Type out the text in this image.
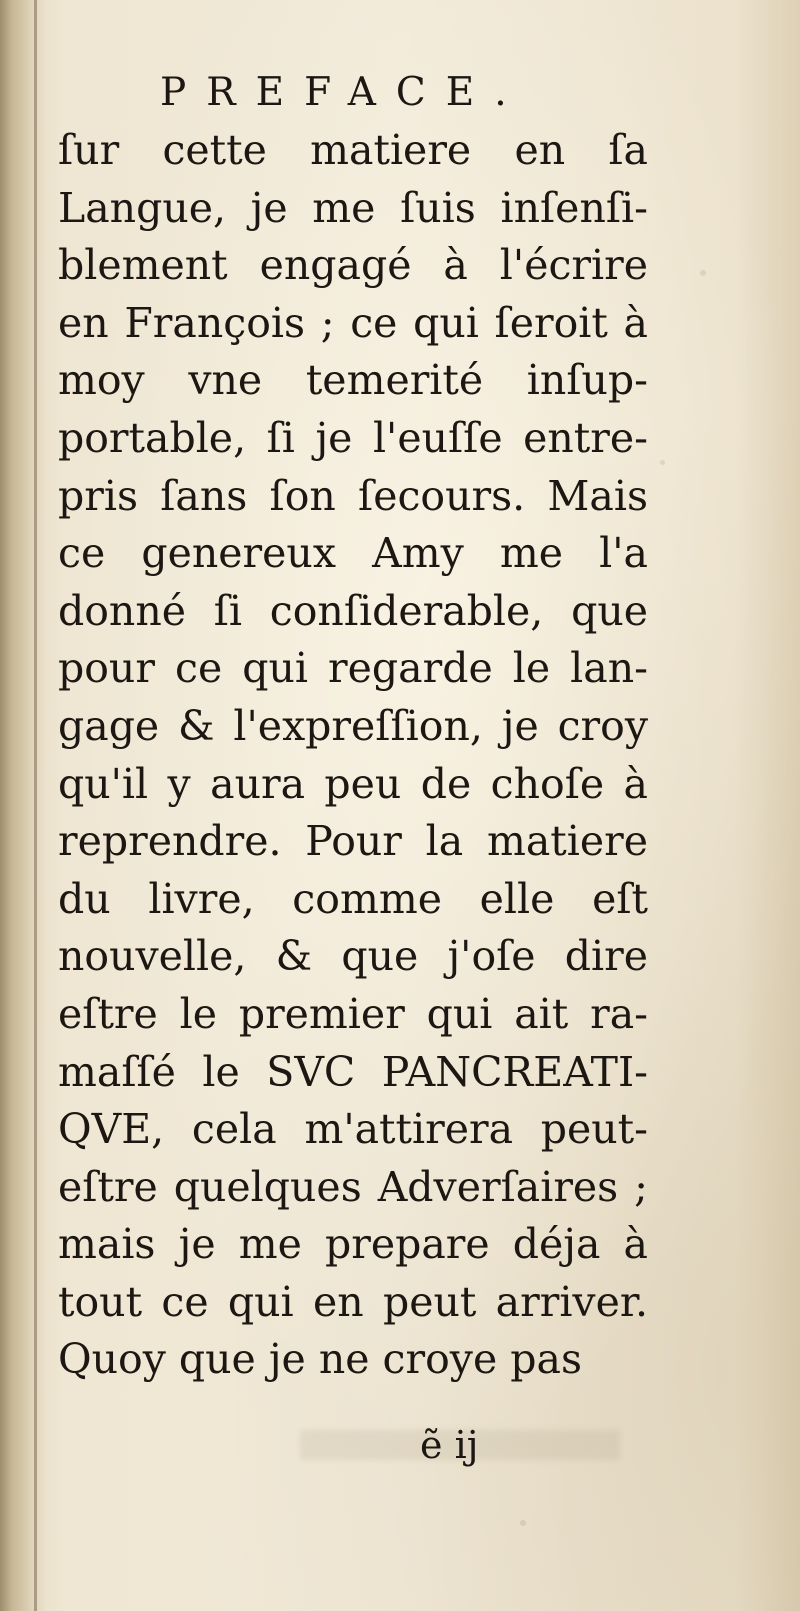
PREFACE.
ſur cette matiere en ſa
Langue, je me ſuis inſenſi-
blement engagé à l'écrire
en François ; ce qui ſeroit à
moy vne temerité inſup-
portable, ſi je l'euſſe entre-
pris ſans ſon ſecours. Mais
ce genereux Amy me l'a
donné ſi conſiderable, que
pour ce qui regarde le lan-
gage & l'expreſſion, je croy
qu'il y aura peu de choſe à
reprendre. Pour la matiere
du livre, comme elle eſt
nouvelle, & que j'oſe dire
eſtre le premier qui ait ra-
maſſé le SVC PANCREATI-
QVE, cela m'attirera peut-
eſtre quelques Adverſaires ;
mais je me prepare déja à
tout ce qui en peut arriver.
Quoy que je ne croye pas
ẽ ij
